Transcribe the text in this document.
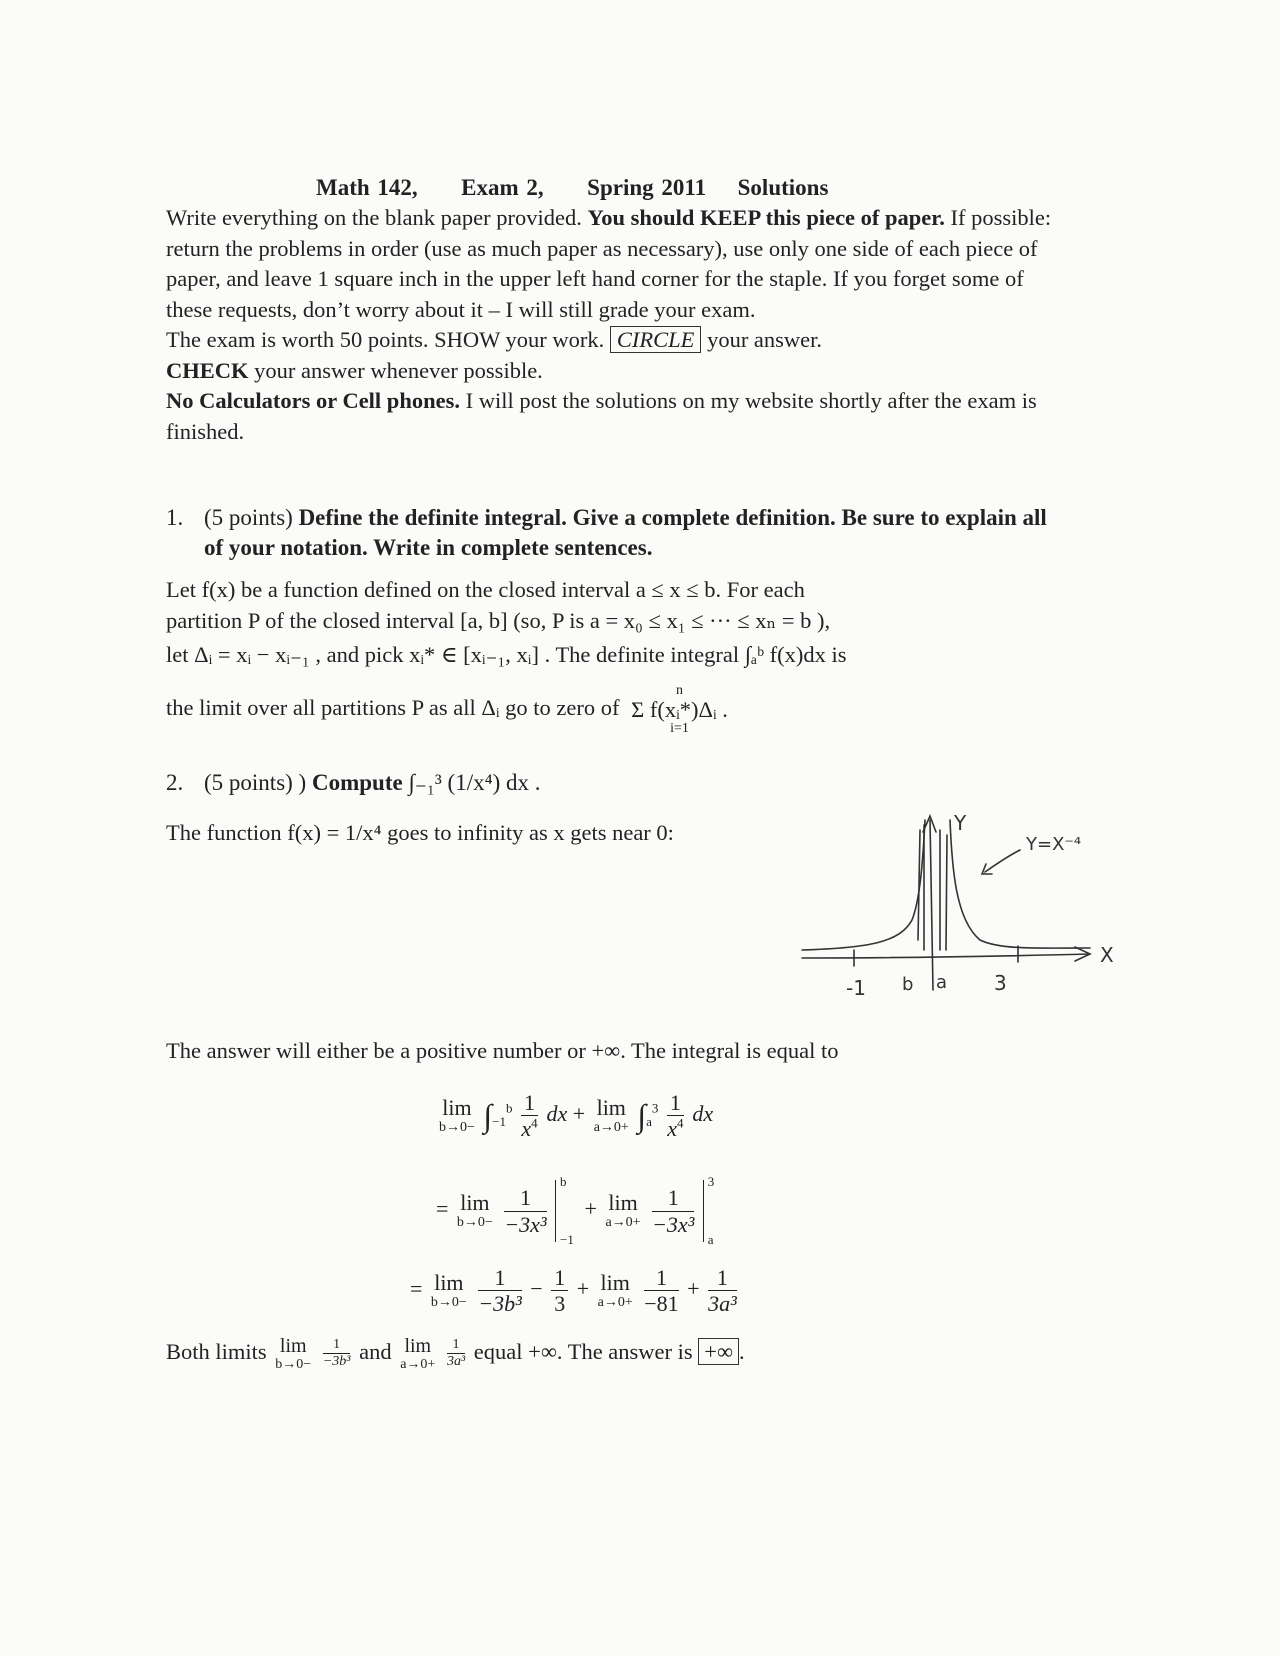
Math 142, Exam 2, Spring 2011 Solutions

Write everything on the blank paper provided. You should KEEP this piece of paper. If possible: return the problems in order (use as much paper as necessary), use only one side of each piece of paper, and leave 1 square inch in the upper left hand corner for the staple. If you forget some of these requests, don’t worry about it – I will still grade your exam.

The exam is worth 50 points. SHOW your work. CIRCLE your answer.

CHECK your answer whenever possible.

No Calculators or Cell phones. I will post the solutions on my website shortly after the exam is finished.

1. (5 points) Define the definite integral. Give a complete definition. Be sure to explain all of your notation. Write in complete sentences.
Let f(x) be a function defined on the closed interval a ≤ x ≤ b. For each
partition P of the closed interval [a, b] (so, P is a = x₀ ≤ x₁ ≤ ··· ≤ xₙ = b ),
let Δᵢ = xᵢ − xᵢ₋₁ , and pick xᵢ* ∈ [xᵢ₋₁, xᵢ] . The definite integral ∫ₐᵇ f(x)dx is
the limit over all partitions P as all Δᵢ go to zero of
n
Σ f(xᵢ*)Δᵢ .
i=1
2. (5 points) ) Compute ∫₋₁³ (1/x⁴) dx .
The function f(x) = 1/x⁴ goes to infinity as x gets near 0:	Y
X
Y=X⁻⁴
-1 b a 3
The answer will either be a positive number or +∞. The integral is equal to
lim
$b\to 0- \int_{-1}^b \frac{1}{x^4}$ dx + lim
$a\to 0+ \int_a^3 \frac{1}{x^4}$ dx
= lim
b→0−
$\frac{1}{\text{−3x³}}$

b
−1
+ lim
a→0+
$\frac{1}{\text{−3x³}}$

3
a
= lim
b→0−
$\frac{1}{\text{−3b³}} - \frac{1}{3} + \lim$
a→0+
$\frac{1}{-81} + \frac{1}{\text{3a³}}$
Both limits lim
b→0−
$\frac{1}{\text{−3b³}}$ and lim
a→0+
$\frac{1}{\text{3a³}}$ equal +∞. The answer is +∞ .
